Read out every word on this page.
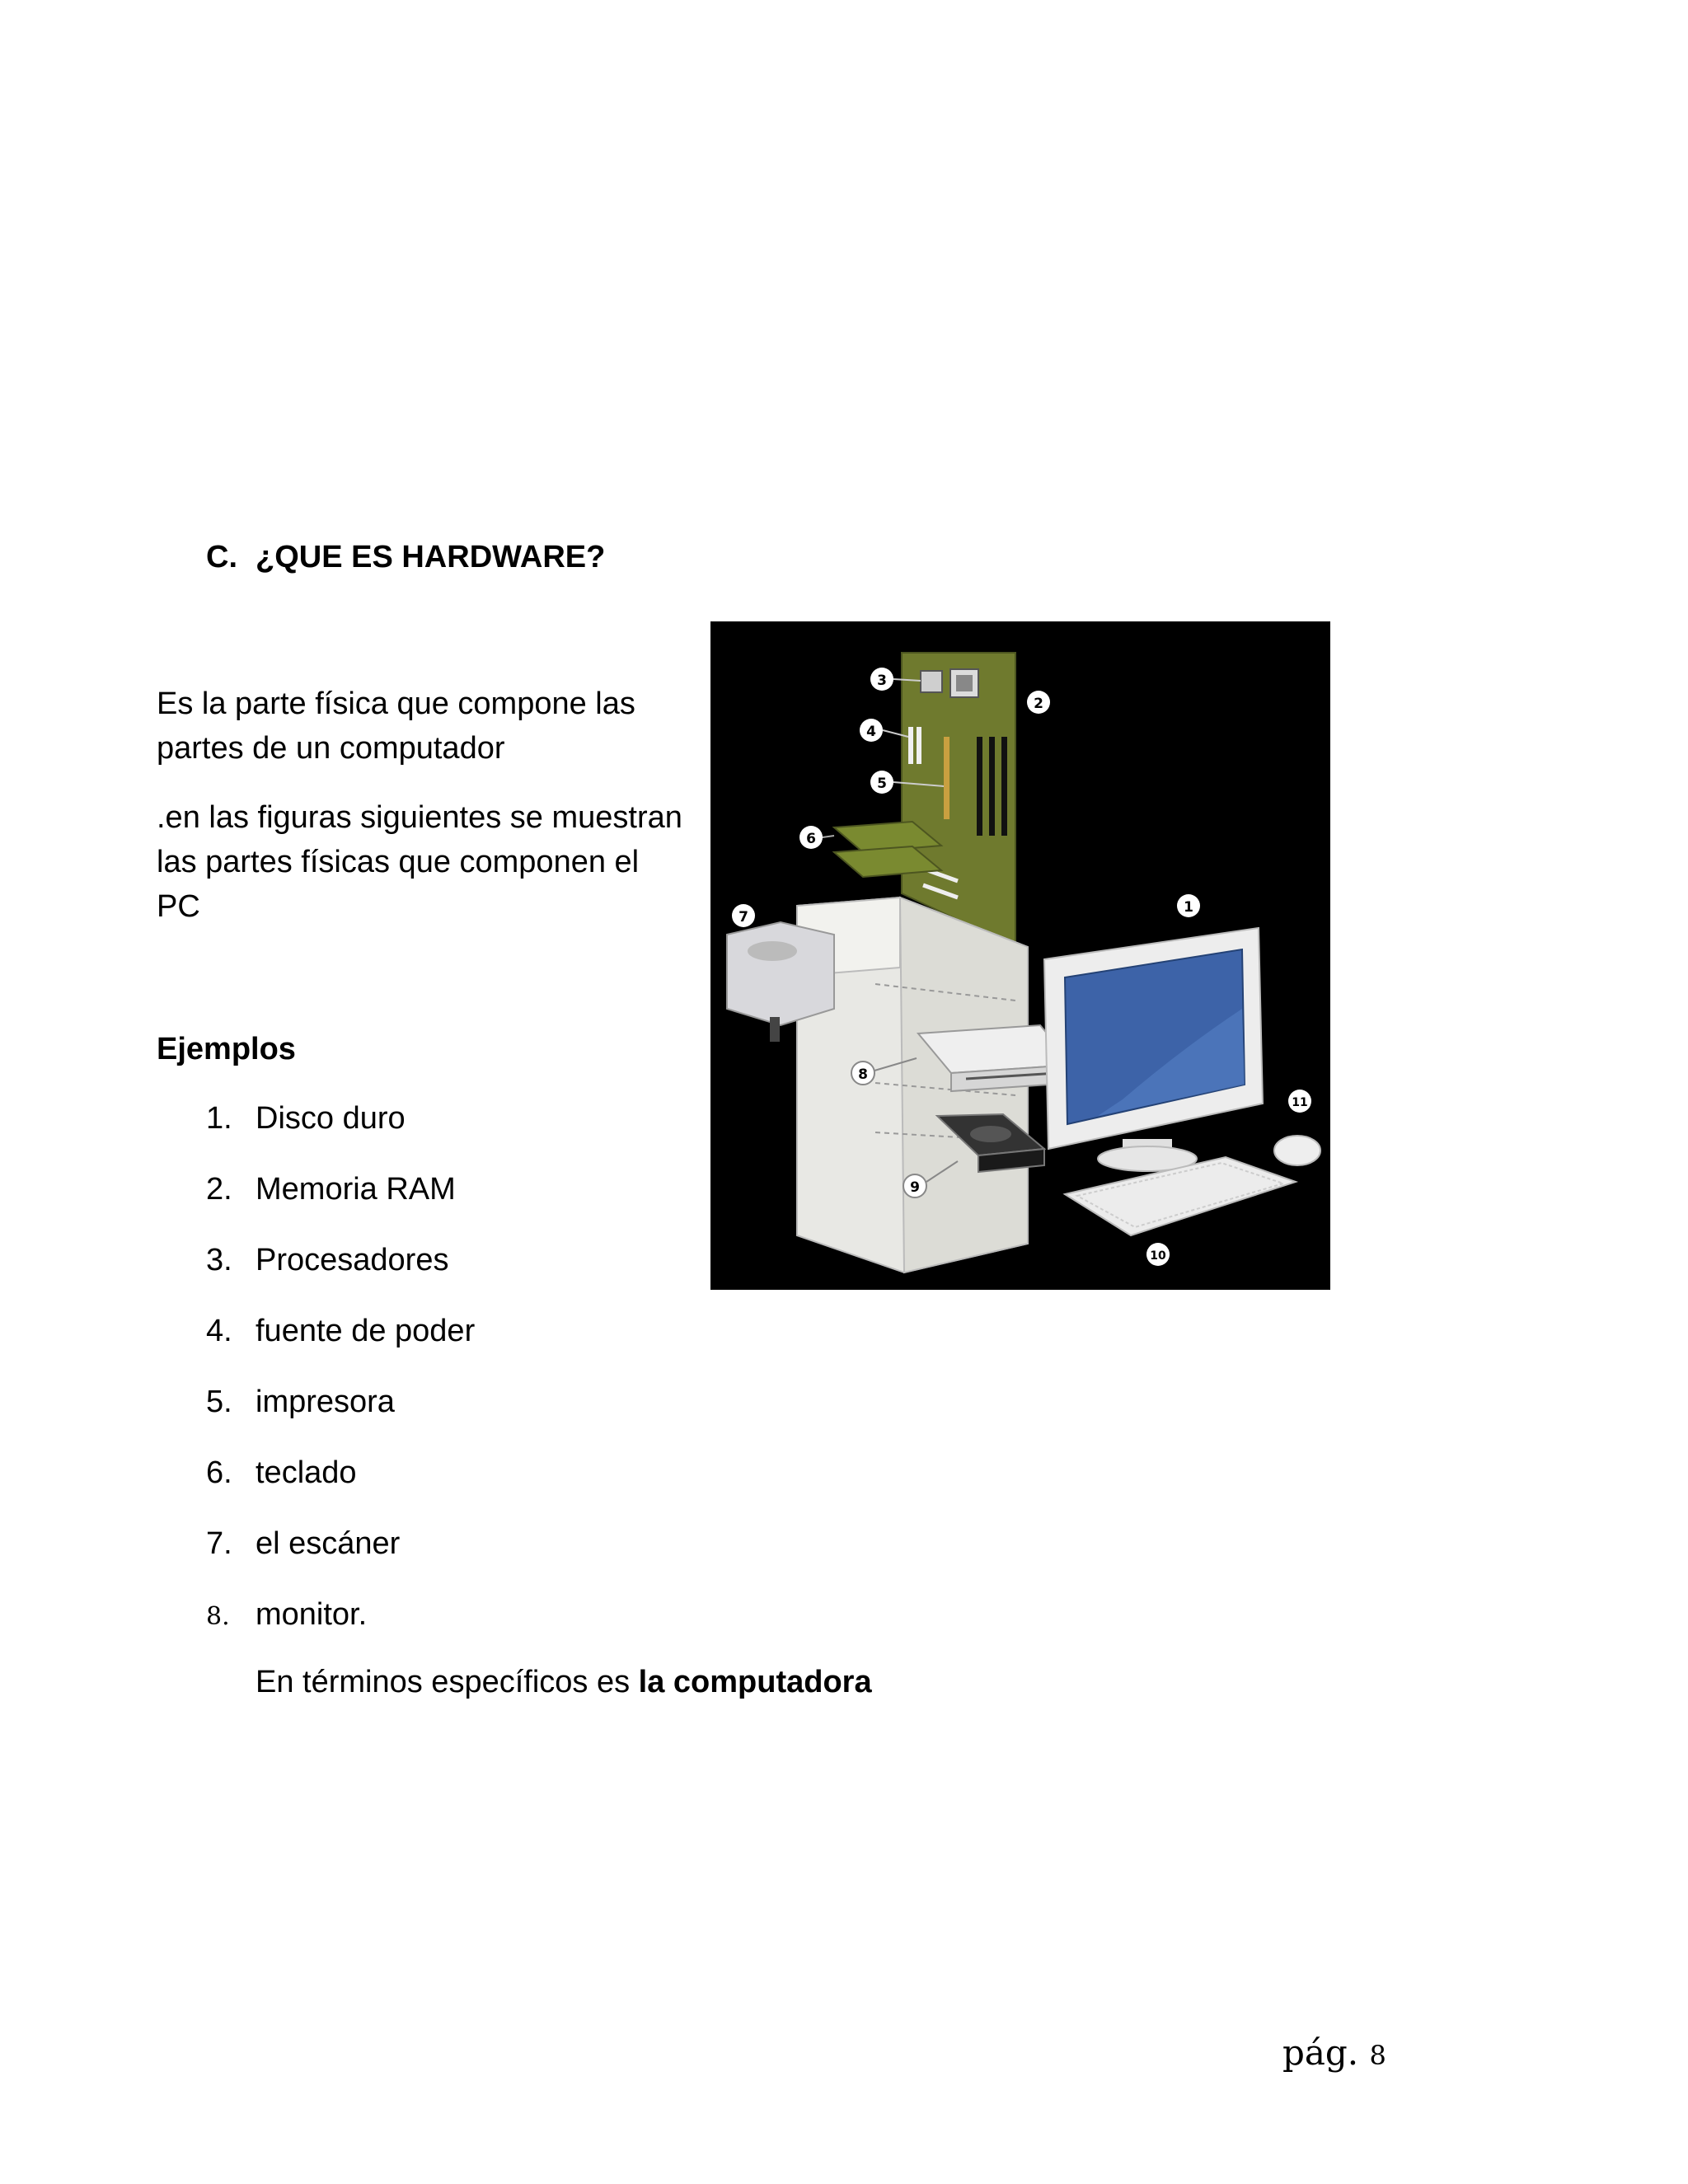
C. ¿QUE ES HARDWARE?
Es la parte física que compone las partes de un computador
.en las figuras siguientes se muestran las partes físicas que componen el PC
Ejemplos
1. Disco duro
2. Memoria RAM
3. Procesadores
4. fuente de poder
5. impresora
6. teclado
7. el escáner
8. monitor.
En términos específicos es la computadora
3
2
4
5
6
7
1
8
9
11
10
pág. 8
